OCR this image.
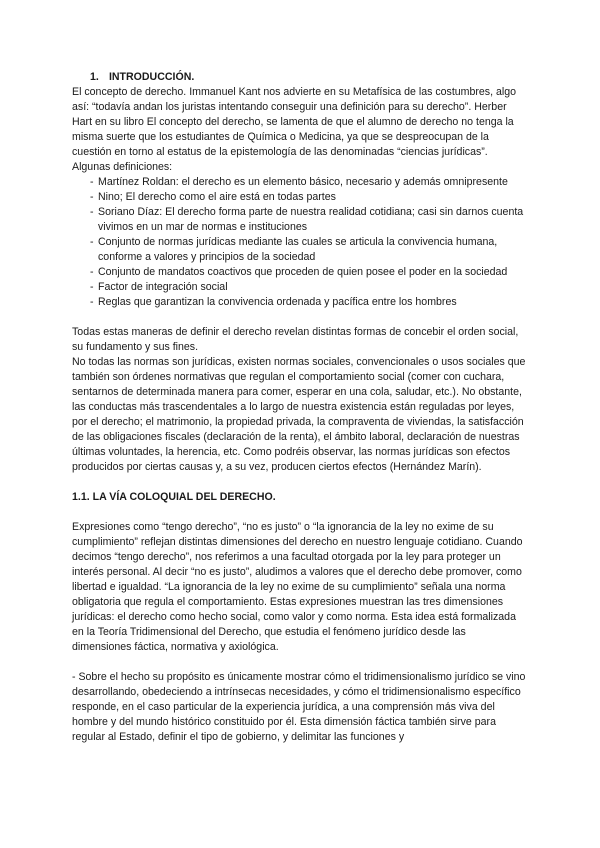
1. INTRODUCCIÓN.

El concepto de derecho. Immanuel Kant nos advierte en su Metafísica de las costumbres, algo así: “todavía andan los juristas intentando conseguir una definición para su derecho”. Herber Hart en su libro El concepto del derecho, se lamenta de que el alumno de derecho no tenga la misma suerte que los estudiantes de Química o Medicina, ya que se despreocupan de la cuestión en torno al estatus de la epistemología de las denominadas “ciencias jurídicas”. Algunas definiciones:

- Martínez Roldan: el derecho es un elemento básico, necesario y además omnipresente
- Nino; El derecho como el aire está en todas partes
- Soriano Díaz: El derecho forma parte de nuestra realidad cotidiana; casi sin darnos cuenta vivimos en un mar de normas e instituciones
- Conjunto de normas jurídicas mediante las cuales se articula la convivencia humana, conforme a valores y principios de la sociedad
- Conjunto de mandatos coactivos que proceden de quien posee el poder en la sociedad
- Factor de integración social
- Reglas que garantizan la convivencia ordenada y pacífica entre los hombres

Todas estas maneras de definir el derecho revelan distintas formas de concebir el orden social, su fundamento y sus fines.

No todas las normas son jurídicas, existen normas sociales, convencionales o usos sociales que también son órdenes normativas que regulan el comportamiento social (comer con cuchara, sentarnos de determinada manera para comer, esperar en una cola, saludar, etc.). No obstante, las conductas más trascendentales a lo largo de nuestra existencia están reguladas por leyes, por el derecho; el matrimonio, la propiedad privada, la compraventa de viviendas, la satisfacción de las obligaciones fiscales (declaración de la renta), el ámbito laboral, declaración de nuestras últimas voluntades, la herencia, etc. Como podréis observar, las normas jurídicas son efectos producidos por ciertas causas y, a su vez, producen ciertos efectos (Hernández Marín).

1.1. LA VÍA COLOQUIAL DEL DERECHO.

Expresiones como “tengo derecho”, “no es justo” o “la ignorancia de la ley no exime de su cumplimiento” reflejan distintas dimensiones del derecho en nuestro lenguaje cotidiano. Cuando decimos “tengo derecho”, nos referimos a una facultad otorgada por la ley para proteger un interés personal. Al decir “no es justo”, aludimos a valores que el derecho debe promover, como libertad e igualdad. “La ignorancia de la ley no exime de su cumplimiento” señala una norma obligatoria que regula el comportamiento. Estas expresiones muestran las tres dimensiones jurídicas: el derecho como hecho social, como valor y como norma. Esta idea está formalizada en la Teoría Tridimensional del Derecho, que estudia el fenómeno jurídico desde las dimensiones fáctica, normativa y axiológica.

- Sobre el hecho su propósito es únicamente mostrar cómo el tridimensionalismo jurídico se vino desarrollando, obedeciendo a intrínsecas necesidades, y cómo el tridimensionalismo específico responde, en el caso particular de la experiencia jurídica, a una comprensión más viva del hombre y del mundo histórico constituido por él. Esta dimensión fáctica también sirve para regular al Estado, definir el tipo de gobierno, y delimitar las funciones y
